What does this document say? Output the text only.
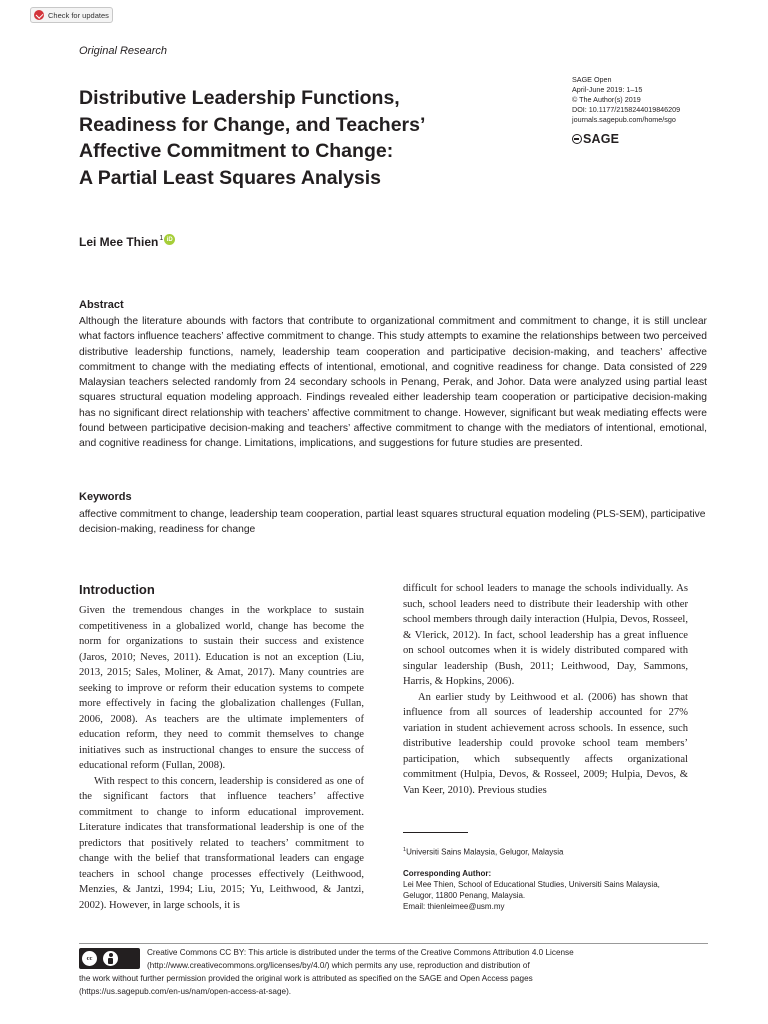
Check for updates
Original Research
Distributive Leadership Functions,
Readiness for Change, and Teachers’
Affective Commitment to Change:
A Partial Least Squares Analysis
SAGE Open
April-June 2019: 1–15
© The Author(s) 2019
DOI: 10.1177/2158244019846209
journals.sagepub.com/home/sgo
SAGE
Lei Mee Thien$^1$ iD
Abstract

Although the literature abounds with factors that contribute to organizational commitment and commitment to change, it is still unclear what factors influence teachers’ affective commitment to change. This study attempts to examine the relationships between two perceived distributive leadership functions, namely, leadership team cooperation and participative decision-making, and teachers’ affective commitment to change with the mediating effects of intentional, emotional, and cognitive readiness for change. Data consisted of 229 Malaysian teachers selected randomly from 24 secondary schools in Penang, Perak, and Johor. Data were analyzed using partial least squares structural equation modeling approach. Findings revealed either leadership team cooperation or participative decision-making has no significant direct relationship with teachers’ affective commitment to change. However, significant but weak mediating effects were found between participative decision-making and teachers’ affective commitment to change with the mediators of intentional, emotional, and cognitive readiness for change. Limitations, implications, and suggestions for future studies are presented.

Keywords

affective commitment to change, leadership team cooperation, partial least squares structural equation modeling (PLS-SEM), participative decision-making, readiness for change

Introduction

Given the tremendous changes in the workplace to sustain competitiveness in a globalized world, change has become the norm for organizations to sustain their success and existence (Jaros, 2010; Neves, 2011). Education is not an exception (Liu, 2013, 2015; Sales, Moliner, & Amat, 2017). Many countries are seeking to improve or reform their education systems to compete more effectively in facing the globalization challenges (Fullan, 2006, 2008). As teachers are the ultimate implementers of education reform, they need to commit themselves to change initiatives such as instructional changes to ensure the success of educational reform (Fullan, 2008).

With respect to this concern, leadership is considered as one of the significant factors that influence teachers’ affective commitment to change to inform educational improvement. Literature indicates that transformational leadership is one of the predictors that positively related to teachers’ commitment to change with the belief that transformational leaders can engage teachers in school change processes effectively (Leithwood, Menzies, & Jantzi, 1994; Liu, 2015; Yu, Leithwood, & Jantzi, 2002). However, in large schools, it is

difficult for school leaders to manage the schools individually. As such, school leaders need to distribute their leadership with other school members through daily interaction (Hulpia, Devos, Rosseel, & Vlerick, 2012). In fact, school leadership has a great influence on school outcomes when it is widely distributed compared with singular leadership (Bush, 2011; Leithwood, Day, Sammons, Harris, & Hopkins, 2006).

An earlier study by Leithwood et al. (2006) has shown that influence from all sources of leadership accounted for 27% variation in student achievement across schools. In essence, such distributive leadership could provoke school team members’ participation, which subsequently affects organizational commitment (Hulpia, Devos, & Rosseel, 2009; Hulpia, Devos, & Van Keer, 2010). Previous studies

$^1$Universiti Sains Malaysia, Gelugor, Malaysia
Corresponding Author:
Lei Mee Thien, School of Educational Studies, Universiti Sains Malaysia,
Gelugor, 11800 Penang, Malaysia.
Email: thienleimee@usm.my
cc
Creative Commons CC BY: This article is distributed under the terms of the Creative Commons Attribution 4.0 License
(http://www.creativecommons.org/licenses/by/4.0/) which permits any use, reproduction and distribution of
the work without further permission provided the original work is attributed as specified on the SAGE and Open Access pages
(https://us.sagepub.com/en-us/nam/open-access-at-sage).
